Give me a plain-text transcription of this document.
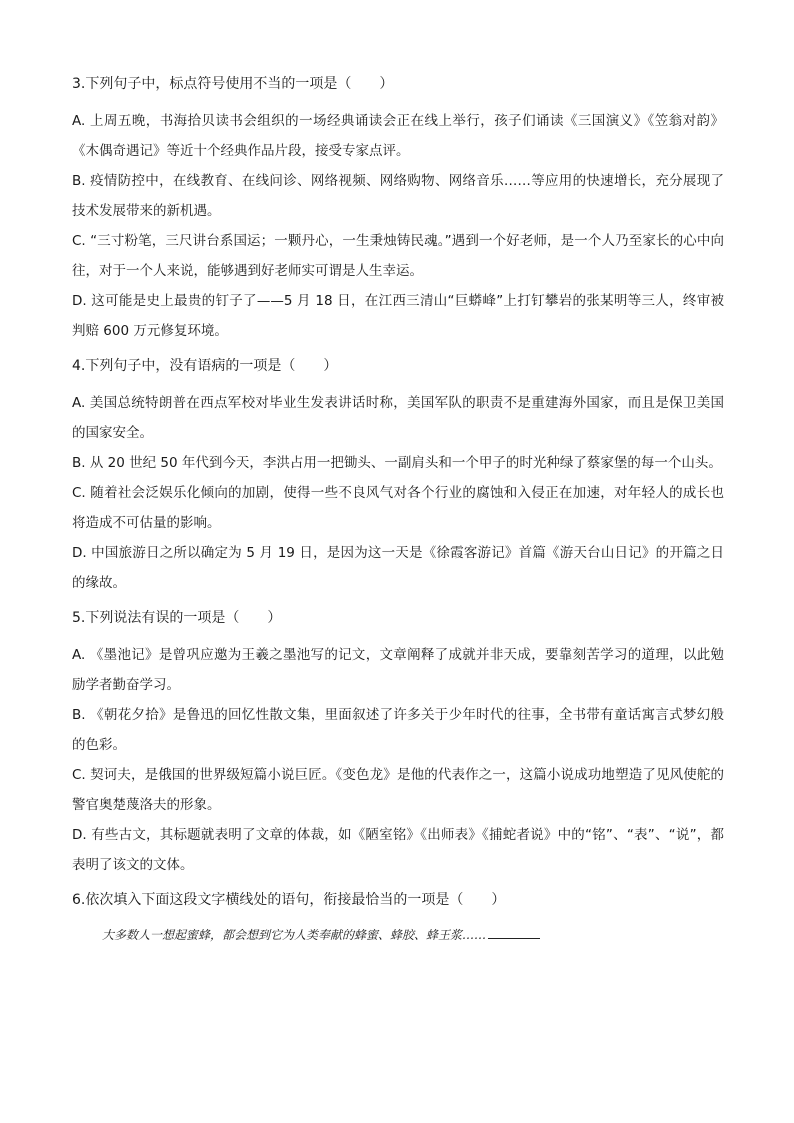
3.下列句子中，标点符号使用不当的一项是（　　）

A. 上周五晚，书海拾贝读书会组织的一场经典诵读会正在线上举行，孩子们诵读《三国演义》《笠翁对韵》《木偶奇遇记》等近十个经典作品片段，接受专家点评。

B. 疫情防控中，在线教育、在线问诊、网络视频、网络购物、网络音乐……等应用的快速增长，充分展现了技术发展带来的新机遇。

C. “三寸粉笔，三尺讲台系国运；一颗丹心，一生秉烛铸民魂。”遇到一个好老师，是一个人乃至家长的心中向往，对于一个人来说，能够遇到好老师实可谓是人生幸运。

D. 这可能是史上最贵的钉子了——5 月 18 日，在江西三清山“巨蟒峰”上打钉攀岩的张某明等三人，终审被判赔 600 万元修复环境。

4.下列句子中，没有语病的一项是（　　）

A. 美国总统特朗普在西点军校对毕业生发表讲话时称，美国军队的职责不是重建海外国家，而且是保卫美国的国家安全。

B. 从 20 世纪 50 年代到今天，李洪占用一把锄头、一副肩头和一个甲子的时光种绿了蔡家堡的每一个山头。

C. 随着社会泛娱乐化倾向的加剧，使得一些不良风气对各个行业的腐蚀和入侵正在加速，对年轻人的成长也将造成不可估量的影响。

D. 中国旅游日之所以确定为 5 月 19 日，是因为这一天是《徐霞客游记》首篇《游天台山日记》的开篇之日的缘故。

5.下列说法有误的一项是（　　）

A. 《墨池记》是曾巩应邀为王羲之墨池写的记文，文章阐释了成就并非天成，要靠刻苦学习的道理，以此勉励学者勤奋学习。

B. 《朝花夕拾》是鲁迅的回忆性散文集，里面叙述了许多关于少年时代的往事，全书带有童话寓言式梦幻般的色彩。

C. 契诃夫，是俄国的世界级短篇小说巨匠。《变色龙》是他的代表作之一，这篇小说成功地塑造了见风使舵的警官奥楚蔑洛夫的形象。

D. 有些古文，其标题就表明了文章的体裁，如《陋室铭》《出师表》《捕蛇者说》中的“铭”、“表”、“说”，都表明了该文的文体。

6.依次填入下面这段文字横线处的语句，衔接最恰当的一项是（　　）

大多数人一想起蜜蜂，都会想到它为人类奉献的蜂蜜、蜂胶、蜂王浆……
